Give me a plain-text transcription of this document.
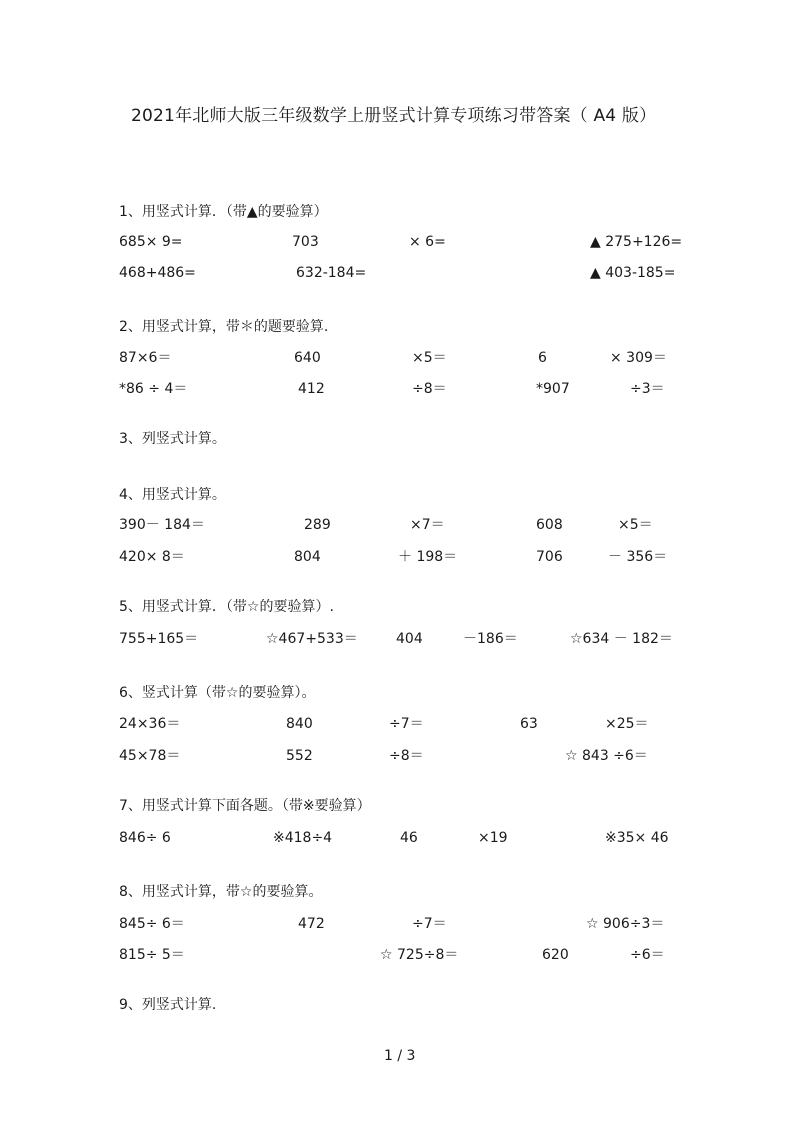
2021年北师大版三年级数学上册竖式计算专项练习带答案（ A4 版）
1、用竖式计算．（带▲的要验算）
685× 9=	703	× 6=	▲ 275+126=
468+486=	632-184=	▲ 403-185=
2、用竖式计算，带＊的题要验算.
87×6＝	640	×5＝	6	× 309＝
*86 ÷ 4＝	412	÷8＝	*907	÷3＝
3、列竖式计算。
4、用竖式计算。
390－ 184＝	289	×7＝	608	×5＝
420× 8＝	804	＋ 198＝	706	－ 356＝
5、用竖式计算．（带☆的要验算）.
755+165＝	☆467+533＝	404	－186＝	☆634 － 182＝
6、竖式计算（带☆的要验算）。
24×36＝	840	÷7＝	63	×25＝
45×78＝	552	÷8＝	☆ 843 ÷6＝
7、用竖式计算下面各题。（带※要验算）
846÷ 6	※418÷4	46	×19	※35× 46
8、用竖式计算，带☆的要验算。
845÷ 6＝	472	÷7＝	☆ 906÷3＝
815÷ 5＝	☆ 725÷8＝	620	÷6＝
9、列竖式计算.
1 / 3
